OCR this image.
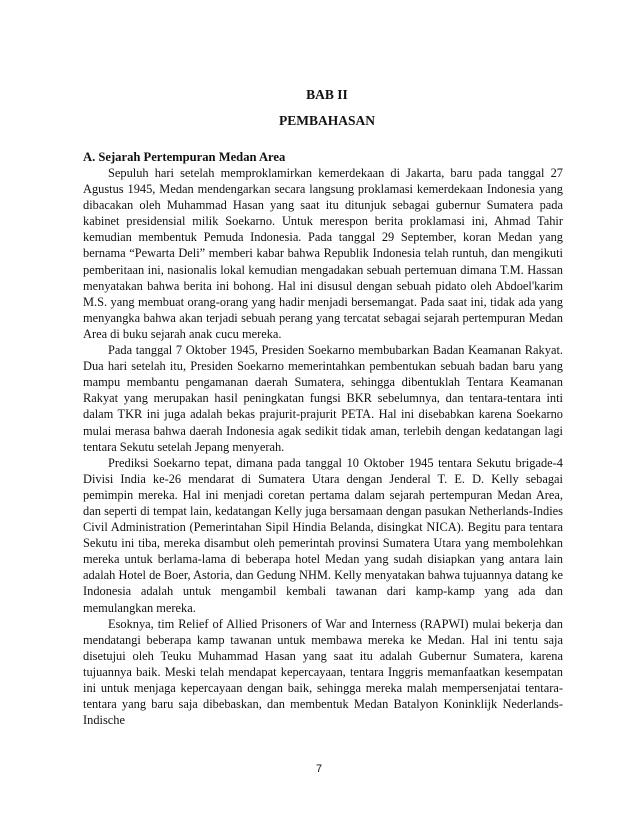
BAB II
PEMBAHASAN
A. Sejarah Pertempuran Medan Area

Sepuluh hari setelah memproklamirkan kemerdekaan di Jakarta, baru pada tanggal 27 Agustus 1945, Medan mendengarkan secara langsung proklamasi kemerdekaan Indonesia yang dibacakan oleh Muhammad Hasan yang saat itu ditunjuk sebagai gubernur Sumatera pada kabinet presidensial milik Soekarno. Untuk merespon berita proklamasi ini, Ahmad Tahir kemudian membentuk Pemuda Indonesia. Pada tanggal 29 September, koran Medan yang bernama “Pewarta Deli” memberi kabar bahwa Republik Indonesia telah runtuh, dan mengikuti pemberitaan ini, nasionalis lokal kemudian mengadakan sebuah pertemuan dimana T.M. Hassan menyatakan bahwa berita ini bohong. Hal ini disusul dengan sebuah pidato oleh Abdoel'karim M.S. yang membuat orang-orang yang hadir menjadi bersemangat. Pada saat ini, tidak ada yang menyangka bahwa akan terjadi sebuah perang yang tercatat sebagai sejarah pertempuran Medan Area di buku sejarah anak cucu mereka.

Pada tanggal 7 Oktober 1945, Presiden Soekarno membubarkan Badan Keamanan Rakyat. Dua hari setelah itu, Presiden Soekarno memerintahkan pembentukan sebuah badan baru yang mampu membantu pengamanan daerah Sumatera, sehingga dibentuklah Tentara Keamanan Rakyat yang merupakan hasil peningkatan fungsi BKR sebelumnya, dan tentara-tentara inti dalam TKR ini juga adalah bekas prajurit-prajurit PETA. Hal ini disebabkan karena Soekarno mulai merasa bahwa daerah Indonesia agak sedikit tidak aman, terlebih dengan kedatangan lagi tentara Sekutu setelah Jepang menyerah.

Prediksi Soekarno tepat, dimana pada tanggal 10 Oktober 1945 tentara Sekutu brigade-4 Divisi India ke-26 mendarat di Sumatera Utara dengan Jenderal T. E. D. Kelly sebagai pemimpin mereka. Hal ini menjadi coretan pertama dalam sejarah pertempuran Medan Area, dan seperti di tempat lain, kedatangan Kelly juga bersamaan dengan pasukan Netherlands-Indies Civil Administration (Pemerintahan Sipil Hindia Belanda, disingkat NICA). Begitu para tentara Sekutu ini tiba, mereka disambut oleh pemerintah provinsi Sumatera Utara yang membolehkan mereka untuk berlama-lama di beberapa hotel Medan yang sudah disiapkan yang antara lain adalah Hotel de Boer, Astoria, dan Gedung NHM. Kelly menyatakan bahwa tujuannya datang ke Indonesia adalah untuk mengambil kembali tawanan dari kamp-kamp yang ada dan memulangkan mereka.

Esoknya, tim Relief of Allied Prisoners of War and Interness (RAPWI) mulai bekerja dan mendatangi beberapa kamp tawanan untuk membawa mereka ke Medan. Hal ini tentu saja disetujui oleh Teuku Muhammad Hasan yang saat itu adalah Gubernur Sumatera, karena tujuannya baik. Meski telah mendapat kepercayaan, tentara Inggris memanfaatkan kesempatan ini untuk menjaga kepercayaan dengan baik, sehingga mereka malah mempersenjatai tentara-tentara yang baru saja dibebaskan, dan membentuk Medan Batalyon Koninklijk Nederlands-Indische

7
